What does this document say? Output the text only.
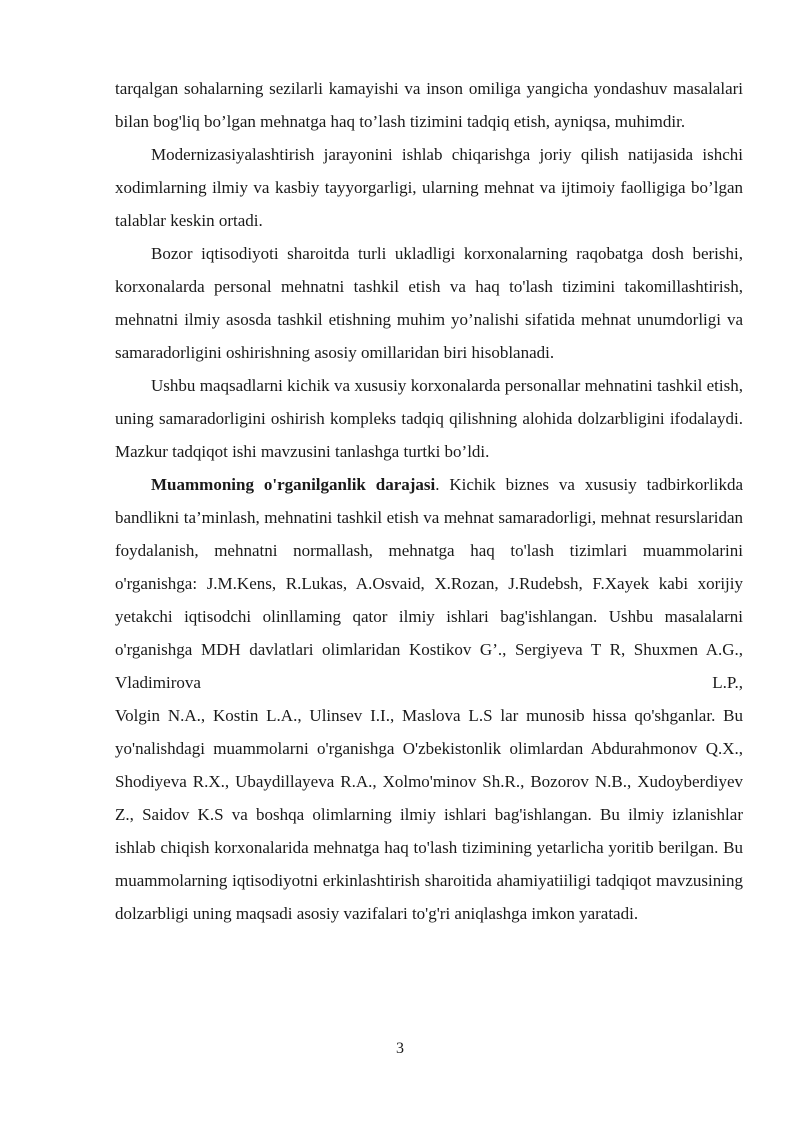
tarqalgan sohalarning sezilarli kamayishi va inson omiliga yangicha yondashuv masalalari bilan bog'liq bo’lgan mehnatga haq to’lash tizimini tadqiq etish, ayniqsa, muhimdir.

Modernizasiyalashtirish jarayonini ishlab chiqarishga joriy qilish natijasida ishchi xodimlarning ilmiy va kasbiy tayyorgarligi, ularning mehnat va ijtimoiy faolligiga bo’lgan talablar keskin ortadi.

Bozor iqtisodiyoti sharoitda turli ukladligi korxonalarning raqobatga dosh berishi, korxonalarda personal mehnatni tashkil etish va haq to'lash tizimini takomillashtirish, mehnatni ilmiy asosda tashkil etishning muhim yo’nalishi sifatida mehnat unumdorligi va samaradorligini oshirishning asosiy omillaridan biri hisoblanadi.

Ushbu maqsadlarni kichik va xususiy korxonalarda personallar mehnatini tashkil etish, uning samaradorligini oshirish kompleks tadqiq qilishning alohida dolzarbligini ifodalaydi. Mazkur tadqiqot ishi mavzusini tanlashga turtki bo’ldi.

Muammoning o'rganilganlik darajasi. Kichik biznes va xususiy tadbirkorlikda bandlikni ta’minlash, mehnatini tashkil etish va mehnat samaradorligi, mehnat resurslaridan foydalanish, mehnatni normallash, mehnatga haq to'lash tizimlari muammolarini o'rganishga: J.M.Kens, R.Lukas, A.Osvaid, X.Rozan, J.Rudebsh, F.Xayek kabi xorijiy yetakchi iqtisodchi olinllaming qator ilmiy ishlari bag'ishlangan. Ushbu masalalarni o'rganishga MDH davlatlari olimlaridan Kostikov G’., Sergiyeva T R, Shuxmen A.G., Vladimirova L.P.,

Volgin N.A., Kostin L.A., Ulinsev I.I., Maslova L.S lar munosib hissa qo'shganlar. Bu yo'nalishdagi muammolarni o'rganishga O'zbekistonlik olimlardan Abdurahmonov Q.X., Shodiyeva R.X., Ubaydillayeva R.A., Xolmo'minov Sh.R., Bozorov N.B., Xudoyberdiyev Z., Saidov K.S va boshqa olimlarning ilmiy ishlari bag'ishlangan. Bu ilmiy izlanishlar ishlab chiqish korxonalarida mehnatga haq to'lash tizimining yetarlicha yoritib berilgan. Bu muammolarning iqtisodiyotni erkinlashtirish sharoitida ahamiyatiiligi tadqiqot mavzusining dolzarbligi uning maqsadi asosiy vazifalari to'g'ri aniqlashga imkon yaratadi.

3
